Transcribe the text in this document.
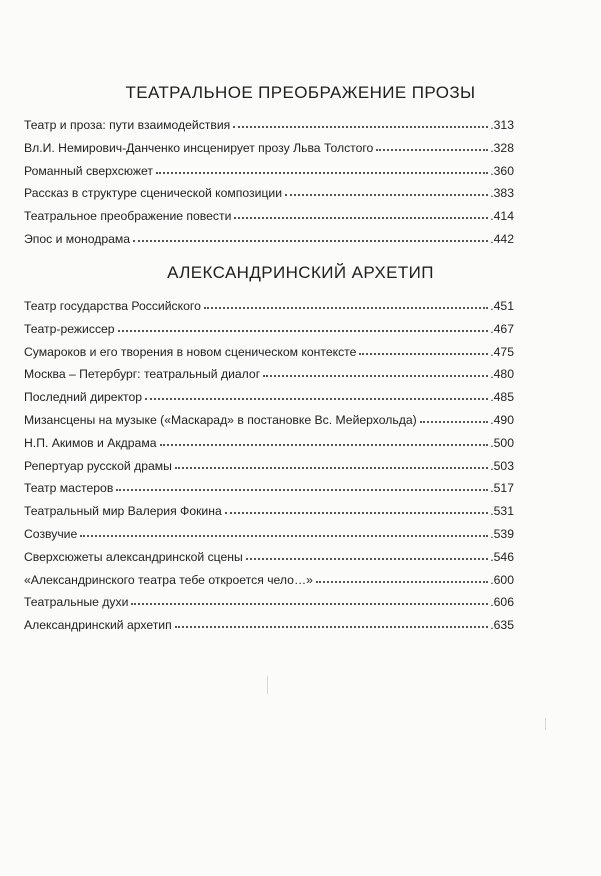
ТЕАТРАЛЬНОЕ ПРЕОБРАЖЕНИЕ ПРОЗЫ
Театр и проза: пути взаимодействия	.313
Вл.И. Немирович-Данченко инсценирует прозу Льва Толстого	.328
Романный сверхсюжет	.360
Рассказ в структуре сценической композиции	.383
Театральное преображение повести	.414
Эпос и монодрама	.442
АЛЕКСАНДРИНСКИЙ АРХЕТИП
Театр государства Российского	.451
Театр-режиссер	.467
Сумароков и его творения в новом сценическом контексте	.475
Москва – Петербург: театральный диалог	.480
Последний директор	.485
Мизансцены на музыке («Маскарад» в постановке Вс. Мейерхольда)	.490
Н.П. Акимов и Акдрама	.500
Репертуар русской драмы	.503
Театр мастеров	.517
Театральный мир Валерия Фокина	.531
Созвучие	.539
Сверхсюжеты александринской сцены	.546
«Александринского театра тебе откроется чело…»	.600
Театральные духи	.606
Александринский архетип	.635
